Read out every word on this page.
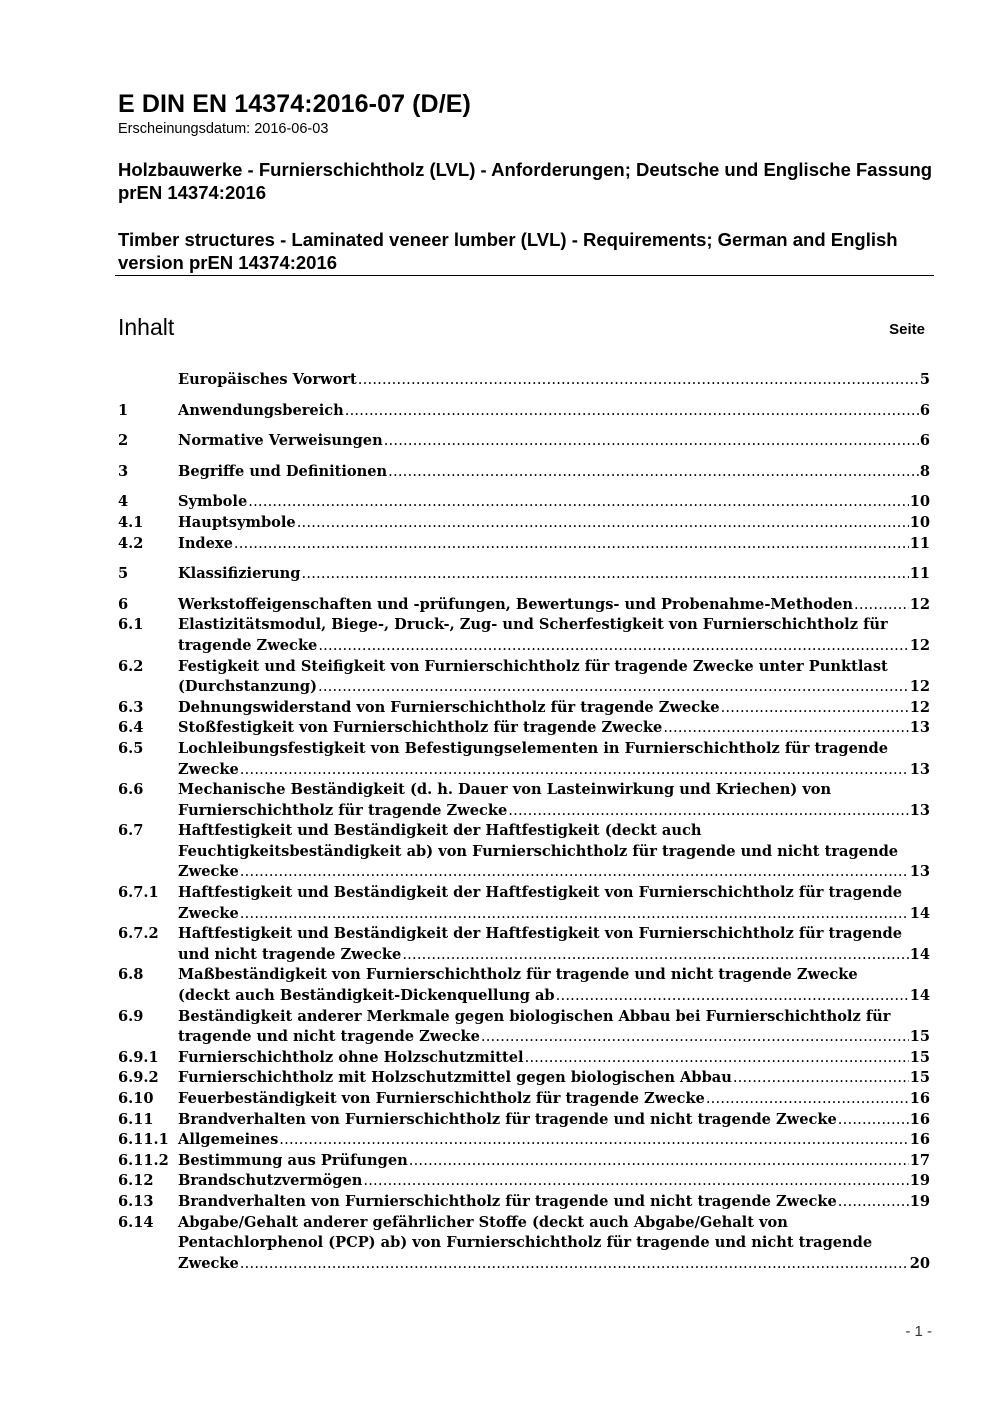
E DIN EN 14374:2016-07 (D/E)
Erscheinungsdatum: 2016-06-03
Holzbauwerke - Furnierschichtholz (LVL) - Anforderungen; Deutsche und Englische Fassung prEN 14374:2016
Timber structures - Laminated veneer lumber (LVL) - Requirements; German and English version prEN 14374:2016
Inhalt	Seite
Europäisches Vorwort .....	5
1	Anwendungsbereich .....	6
2	Normative Verweisungen .....	6
3	Begriffe und Definitionen .....	8
4	Symbole .....	10
4.1	Hauptsymbole .....	10
4.2	Indexe .....	11
5	Klassifizierung .....	11
6	Werkstoffeigenschaften und -prüfungen, Bewertungs- und Probenahme-Methoden .....	12
6.1	Elastizitätsmodul, Biege-, Druck-, Zug- und Scherfestigkeit von Furnierschichtholz für
tragende Zwecke .....	12
6.2	Festigkeit und Steifigkeit von Furnierschichtholz für tragende Zwecke unter Punktlast
(Durchstanzung) .....	12
6.3	Dehnungswiderstand von Furnierschichtholz für tragende Zwecke .....	12
6.4	Stoßfestigkeit von Furnierschichtholz für tragende Zwecke .....	13
6.5	Lochleibungsfestigkeit von Befestigungselementen in Furnierschichtholz für tragende
Zwecke .....	13
6.6	Mechanische Beständigkeit (d. h. Dauer von Lasteinwirkung und Kriechen) von
Furnierschichtholz für tragende Zwecke .....	13
6.7	Haftfestigkeit und Beständigkeit der Haftfestigkeit (deckt auch
Feuchtigkeitsbeständigkeit ab) von Furnierschichtholz für tragende und nicht tragende
Zwecke .....	13
6.7.1	Haftfestigkeit und Beständigkeit der Haftfestigkeit von Furnierschichtholz für tragende
Zwecke .....	14
6.7.2	Haftfestigkeit und Beständigkeit der Haftfestigkeit von Furnierschichtholz für tragende
und nicht tragende Zwecke .....	14
6.8	Maßbeständigkeit von Furnierschichtholz für tragende und nicht tragende Zwecke
(deckt auch Beständigkeit-Dickenquellung ab .....	14
6.9	Beständigkeit anderer Merkmale gegen biologischen Abbau bei Furnierschichtholz für
tragende und nicht tragende Zwecke .....	15
6.9.1	Furnierschichtholz ohne Holzschutzmittel .....	15
6.9.2	Furnierschichtholz mit Holzschutzmittel gegen biologischen Abbau .....	15
6.10	Feuerbeständigkeit von Furnierschichtholz für tragende Zwecke .....	16
6.11	Brandverhalten von Furnierschichtholz für tragende und nicht tragende Zwecke .....	16
6.11.1 Allgemeines .....	16
6.11.2 Bestimmung aus Prüfungen .....	17
6.12	Brandschutzvermögen .....	19
6.13	Brandverhalten von Furnierschichtholz für tragende und nicht tragende Zwecke .....	19
6.14	Abgabe/Gehalt anderer gefährlicher Stoffe (deckt auch Abgabe/Gehalt von
Pentachlorphenol (PCP) ab) von Furnierschichtholz für tragende und nicht tragende
Zwecke .....	20
- 1 -
